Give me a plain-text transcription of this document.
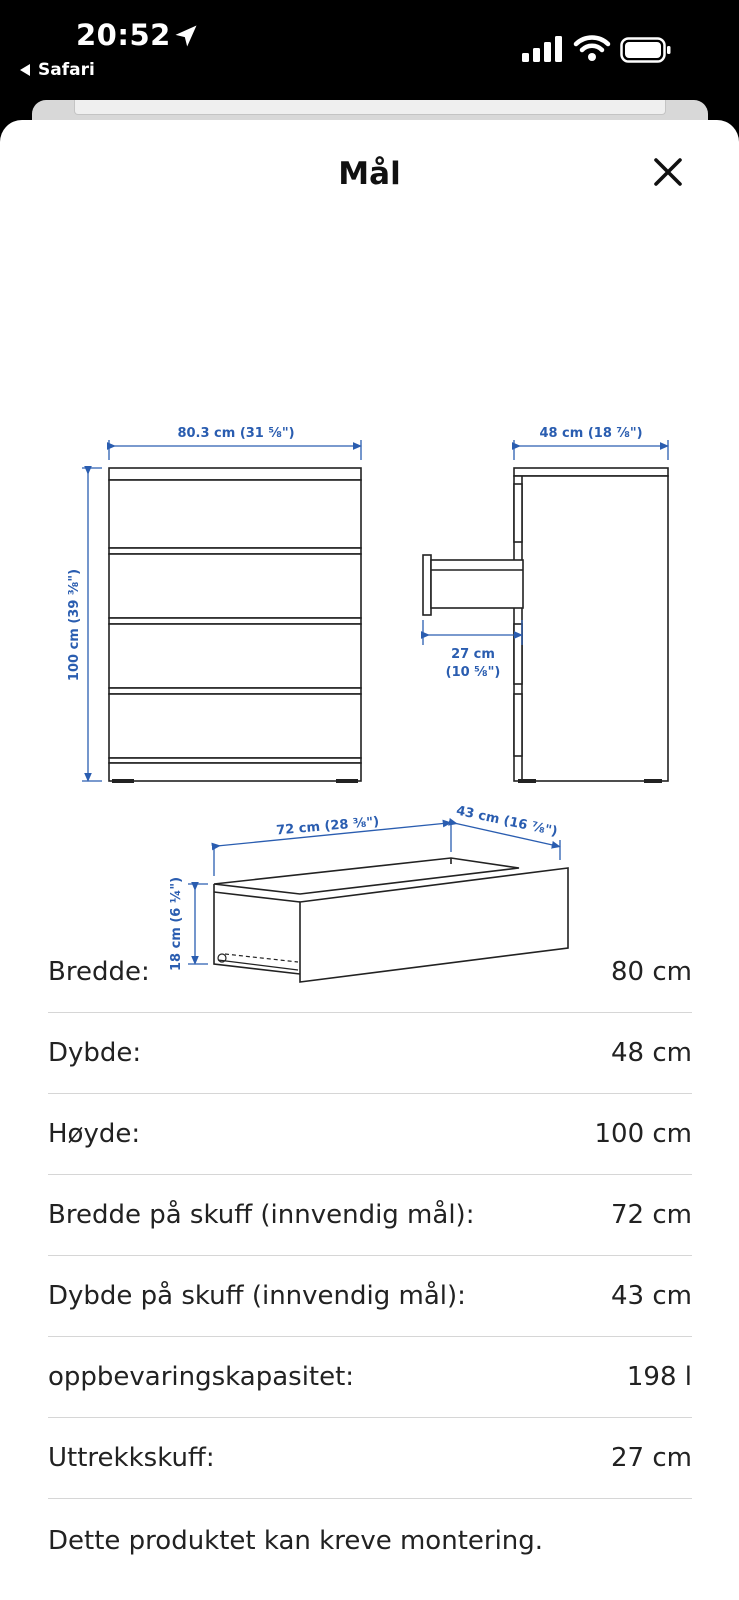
20:52
Safari
Mål
80.3 cm (31 ⅝")
100 cm (39 ⅜")
48 cm (18 ⅞")
27 cm
(10 ⅝")
72 cm (28 ⅜")	43 cm (16 ⅞")
18 cm (6 ¼")
Bredde:	80 cm
Dybde:	48 cm
Høyde:	100 cm
Bredde på skuff (innvendig mål):	72 cm
Dybde på skuff (innvendig mål):	43 cm
oppbevaringskapasitet:	198 l
Uttrekkskuff:	27 cm
Dette produktet kan kreve montering.
